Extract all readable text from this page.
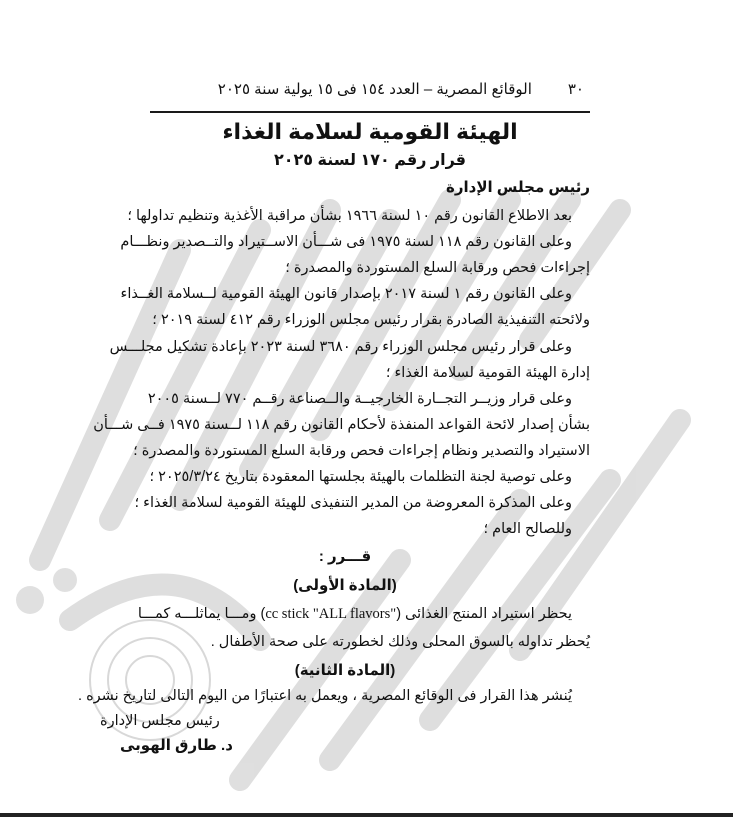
٣٠
الوقائع المصرية – العدد ١٥٤ فى ١٥ يولية سنة ٢٠٢٥
الهيئة القومية لسلامة الغذاء
قرار رقم ١٧٠ لسنة ٢٠٢٥
رئيس مجلس الإدارة
بعد الاطلاع القانون رقم ١٠ لسنة ١٩٦٦ بشأن مراقبة الأغذية وتنظيم تداولها ؛
وعلى القانون رقم ١١٨ لسنة ١٩٧٥ فى شـــأن الاســتيراد والتــصدير ونظـــام
إجراءات فحص ورقابة السلع المستوردة والمصدرة ؛
وعلى القانون رقم ١ لسنة ٢٠١٧ بإصدار قانون الهيئة القومية لــسلامة الغــذاء
ولائحته التنفيذية الصادرة بقرار رئيس مجلس الوزراء رقم ٤١٢ لسنة ٢٠١٩ ؛
وعلى قرار رئيس مجلس الوزراء رقم ٣٦٨٠ لسنة ٢٠٢٣ بإعادة تشكيل مجلـــس
إدارة الهيئة القومية لسلامة الغذاء ؛
وعلى قرار وزيــر التجــارة الخارجيــة والــصناعة رقــم ٧٧٠ لــسنة ٢٠٠٥
بشأن إصدار لائحة القواعد المنفذة لأحكام القانون رقم ١١٨ لــسنة ١٩٧٥ فــى شـــأن
الاستيراد والتصدير ونظام إجراءات فحص ورقابة السلع المستوردة والمصدرة ؛
وعلى توصية لجنة التظلمات بالهيئة بجلستها المعقودة بتاريخ ٢٠٢٥/٣/٢٤ ؛
وعلى المذكرة المعروضة من المدير التنفيذى للهيئة القومية لسلامة الغذاء ؛
وللصالح العام ؛
قـــرر :
(المادة الأولى)
يحظر استيراد المنتج الغذائى (cc stick "ALL flavors") ومـــا يماثلـــه كمـــا
يُحظر تداوله بالسوق المحلى وذلك لخطورته على صحة الأطفال .
(المادة الثانية)
يُنشر هذا القرار فى الوقائع المصرية ، ويعمل به اعتبارًا من اليوم التالى لتاريخ نشره .
رئيس مجلس الإدارة
د. طارق الهوبى
